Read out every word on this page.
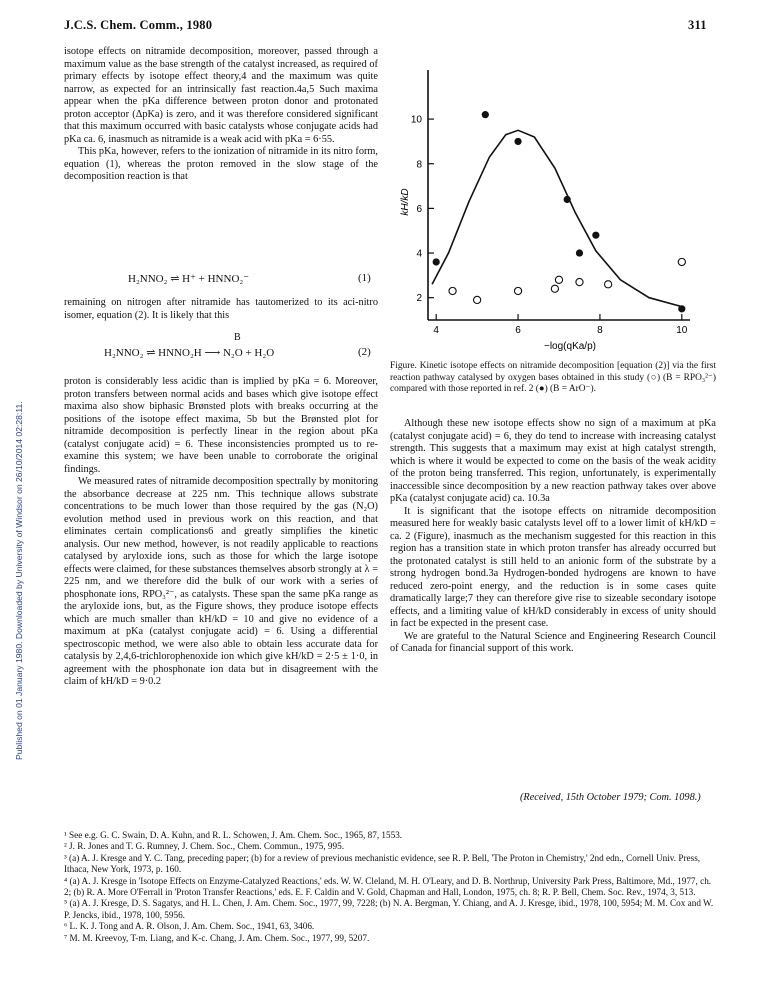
J.C.S. Chem. Comm., 1980	311
Published on 01 January 1980. Downloaded by University of Windsor on 26/10/2014 02:28:11.

isotope effects on nitramide decomposition, moreover, passed through a maximum value as the base strength of the catalyst increased, as required of primary effects by isotope effect theory,4 and the maximum was quite narrow, as expected for an intrinsically fast reaction.4a,5 Such maxima appear when the pKa difference between proton donor and protonated proton acceptor (ΔpKa) is zero, and it was therefore considered significant that this maximum occurred with basic catalysts whose conjugate acids had pKa ca. 6, inasmuch as nitramide is a weak acid with pKa = 6·55.

This pKa, however, refers to the ionization of nitramide in its nitro form, equation (1), whereas the proton removed in the slow stage of the decomposition reaction is that

H₂NNO₂ ⇌ H⁺ + HNNO₂⁻	(1)

remaining on nitrogen after nitramide has tautomerized to its aci-nitro isomer, equation (2). It is likely that this

B
H₂NNO₂ ⇌ HNNO₂H ⟶ N₂O + H₂O	(2)

proton is considerably less acidic than is implied by pKa = 6. Moreover, proton transfers between normal acids and bases which give isotope effect maxima also show biphasic Brønsted plots with breaks occurring at the positions of the isotope effect maxima, 5b but the Brønsted plot for nitramide decomposition is perfectly linear in the region about pKa (catalyst conjugate acid) = 6. These inconsistencies prompted us to re-examine this system; we have been unable to corroborate the original findings.

We measured rates of nitramide decomposition spectrally by monitoring the absorbance decrease at 225 nm. This technique allows substrate concentrations to be much lower than those required by the gas (N₂O) evolution method used in previous work on this reaction, and that eliminates certain complications6 and greatly simplifies the kinetic analysis. Our new method, however, is not readily applicable to reactions catalysed by aryloxide ions, such as those for which the large isotope effects were claimed, for these substances themselves absorb strongly at λ = 225 nm, and we therefore did the bulk of our work with a series of phosphonate ions, RPO₃²⁻, as catalysts. These span the same pKa range as the aryloxide ions, but, as the Figure shows, they produce isotope effects which are much smaller than kH/kD = 10 and give no evidence of a maximum at pKa (catalyst conjugate acid) = 6. Using a differential spectroscopic method, we were also able to obtain less accurate data for catalysis by 2,4,6-trichlorophenoxide ion which give kH/kD = 2·5 ± 1·0, in agreement with the phosphonate ion data but in disagreement with the claim of kH/kD = 9·0.2

4	6	8	10
2
4
6
8
10
kH/kD
−log(qKa/p)
Figure. Kinetic isotope effects on nitramide decomposition [equation (2)] via the first reaction pathway catalysed by oxygen bases obtained in this study (○) (B = RPO₃²⁻) compared with those reported in ref. 2 (●) (B = ArO⁻).

Although these new isotope effects show no sign of a maximum at pKa (catalyst conjugate acid) = 6, they do tend to increase with increasing catalyst strength. This suggests that a maximum may exist at high catalyst strength, which is where it would be expected to come on the basis of the weak acidity of the proton being transferred. This region, unfortunately, is experimentally inaccessible since decomposition by a new reaction pathway takes over above pKa (catalyst conjugate acid) ca. 10.3a

It is significant that the isotope effects on nitramide decomposition measured here for weakly basic catalysts level off to a lower limit of kH/kD = ca. 2 (Figure), inasmuch as the mechanism suggested for this reaction in this region has a transition state in which proton transfer has already occurred but the protonated catalyst is still held to an anionic form of the substrate by a strong hydrogen bond.3a Hydrogen-bonded hydrogens are known to have reduced zero-point energy, and the reduction is in some cases quite dramatically large;7 they can therefore give rise to sizeable secondary isotope effects, and a limiting value of kH/kD considerably in excess of unity should in fact be expected in the present case.

We are grateful to the Natural Science and Engineering Research Council of Canada for financial support of this work.

(Received, 15th October 1979; Com. 1098.)
¹ See e.g. G. C. Swain, D. A. Kuhn, and R. L. Schowen, J. Am. Chem. Soc., 1965, 87, 1553.
² J. R. Jones and T. G. Rumney, J. Chem. Soc., Chem. Commun., 1975, 995.
³ (a) A. J. Kresge and Y. C. Tang, preceding paper; (b) for a review of previous mechanistic evidence, see R. P. Bell, 'The Proton in Chemistry,' 2nd edn., Cornell Univ. Press, Ithaca, New York, 1973, p. 160.
⁴ (a) A. J. Kresge in 'Isotope Effects on Enzyme-Catalyzed Reactions,' eds. W. W. Cleland, M. H. O'Leary, and D. B. Northrup, University Park Press, Baltimore, Md., 1977, ch. 2; (b) R. A. More O'Ferrall in 'Proton Transfer Reactions,' eds. E. F. Caldin and V. Gold, Chapman and Hall, London, 1975, ch. 8; R. P. Bell, Chem. Soc. Rev., 1974, 3, 513.
⁵ (a) A. J. Kresge, D. S. Sagatys, and H. L. Chen, J. Am. Chem. Soc., 1977, 99, 7228; (b) N. A. Bergman, Y. Chiang, and A. J. Kresge, ibid., 1978, 100, 5954; M. M. Cox and W. P. Jencks, ibid., 1978, 100, 5956.
⁶ L. K. J. Tong and A. R. Olson, J. Am. Chem. Soc., 1941, 63, 3406.
⁷ M. M. Kreevoy, T-m. Liang, and K-c. Chang, J. Am. Chem. Soc., 1977, 99, 5207.
